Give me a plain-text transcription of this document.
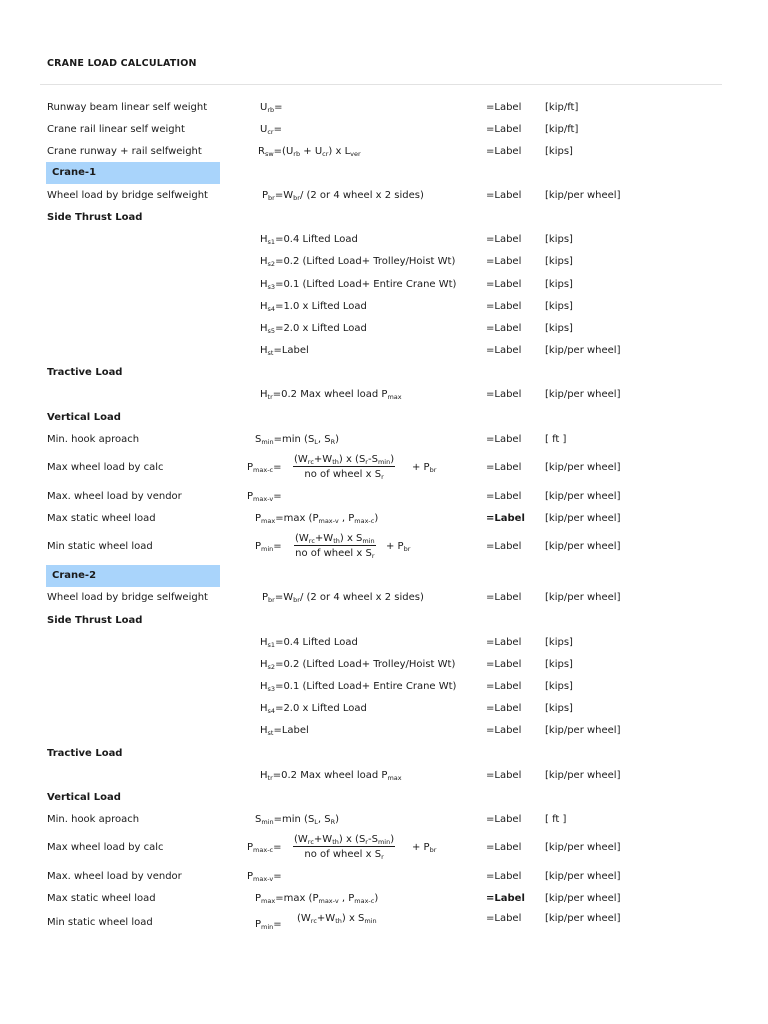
CRANE LOAD CALCULATION
Runway beam linear self weight	$U_{rb}=$	=Label [kip/ft]
Crane rail linear self weight	$U_{cr}=$	=Label [kip/ft]
Crane runway + rail selfweight	$R_{sw}=(U_{rb} + U_{cr})$ x $L_{ver}$	=Label [kips]
Crane-1
Wheel load by bridge selfweight	$P_{br}=W_{br}/$ (2 or 4 wheel x 2 sides)	=Label [kip/per wheel]
Side Thrust Load
$H_{s1}=0.4$ Lifted Load	=Label [kips]
$H_{s2}=0.2$ (Lifted Load+ Trolley/Hoist Wt)	=Label [kips]
$H_{s3}=0.1$ (Lifted Load+ Entire Crane Wt)	=Label [kips]
$H_{s4}=1.0$ x Lifted Load	=Label [kips]
$H_{s5}=2.0$ x Lifted Load	=Label [kips]
$H_{st}=Label$	=Label [kip/per wheel]
Tractive Load
$H_{tr}=0.2$ Max wheel load $P_{max}$	=Label [kip/per wheel]
Vertical Load
Min. hook aproach	$S_{min}=\min$ ($S_L$, $S_R$)	=Label [ ft ]
Max wheel load by calc	$P_{max-c}=$
$(W_{rc}+W_{th})$ x $(S_r-S_{min})$
no of wheel x $S_r$
+ $P_{br}$	=Label [kip/per wheel]
Max. wheel load by vendor	$P_{max-v}=$	=Label [kip/per wheel]
Max static wheel load	$P_{max}=\max$ ($P_{max-v}$ , $P_{max-c}$)	=Label [kip/per wheel]
Min static wheel load	$P_{min}=$
$(W_{rc}+W_{th})$ x $S_{min}$
no of wheel x $S_r$
+ $P_{br}$	=Label [kip/per wheel]
Crane-2
Wheel load by bridge selfweight	$P_{br}=W_{br}/$ (2 or 4 wheel x 2 sides)	=Label [kip/per wheel]
Side Thrust Load
$H_{s1}=0.4$ Lifted Load	=Label [kips]
$H_{s2}=0.2$ (Lifted Load+ Trolley/Hoist Wt)	=Label [kips]
$H_{s3}=0.1$ (Lifted Load+ Entire Crane Wt)	=Label [kips]
$H_{s4}=2.0$ x Lifted Load	=Label [kips]
$H_{st}=Label$	=Label [kip/per wheel]
Tractive Load
$H_{tr}=0.2$ Max wheel load $P_{max}$	=Label [kip/per wheel]
Vertical Load
Min. hook aproach	$S_{min}=\min$ ($S_L$, $S_R$)	=Label [ ft ]
Max wheel load by calc	$P_{max-c}=$
$(W_{rc}+W_{th})$ x $(S_r-S_{min})$
no of wheel x $S_r$
+ $P_{br}$	=Label [kip/per wheel]
Max. wheel load by vendor	$P_{max-v}=$	=Label [kip/per wheel]
Max static wheel load	$P_{max}=\max$ ($P_{max-v}$ , $P_{max-c}$)	=Label [kip/per wheel]
Min static wheel load	$P_{min}=$
$(W_{rc}+W_{th})$ x $S_{min}$	=Label [kip/per wheel]
